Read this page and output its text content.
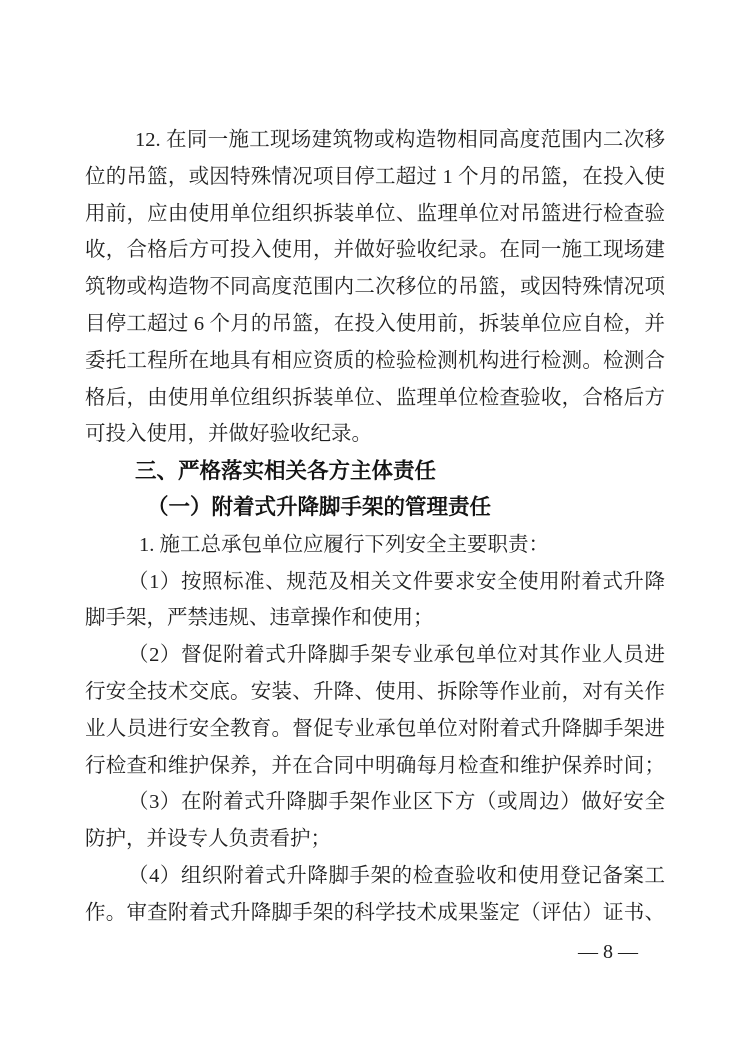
12. 在同一施工现场建筑物或构造物相同高度范围内二次移
位的吊篮，或因特殊情况项目停工超过 1 个月的吊篮，在投入使
用前，应由使用单位组织拆装单位、监理单位对吊篮进行检查验
收，合格后方可投入使用，并做好验收纪录。在同一施工现场建
筑物或构造物不同高度范围内二次移位的吊篮，或因特殊情况项
目停工超过 6 个月的吊篮，在投入使用前，拆装单位应自检，并
委托工程所在地具有相应资质的检验检测机构进行检测。检测合
格后，由使用单位组织拆装单位、监理单位检查验收，合格后方
可投入使用，并做好验收纪录。
三、严格落实相关各方主体责任
（一）附着式升降脚手架的管理责任
1. 施工总承包单位应履行下列安全主要职责：
（1）按照标准、规范及相关文件要求安全使用附着式升降
脚手架，严禁违规、违章操作和使用；
（2）督促附着式升降脚手架专业承包单位对其作业人员进
行安全技术交底。安装、升降、使用、拆除等作业前，对有关作
业人员进行安全教育。督促专业承包单位对附着式升降脚手架进
行检查和维护保养，并在合同中明确每月检查和维护保养时间；
（3）在附着式升降脚手架作业区下方（或周边）做好安全
防护，并设专人负责看护；
（4）组织附着式升降脚手架的检查验收和使用登记备案工
作。审查附着式升降脚手架的科学技术成果鉴定（评估）证书、
— 8 —
